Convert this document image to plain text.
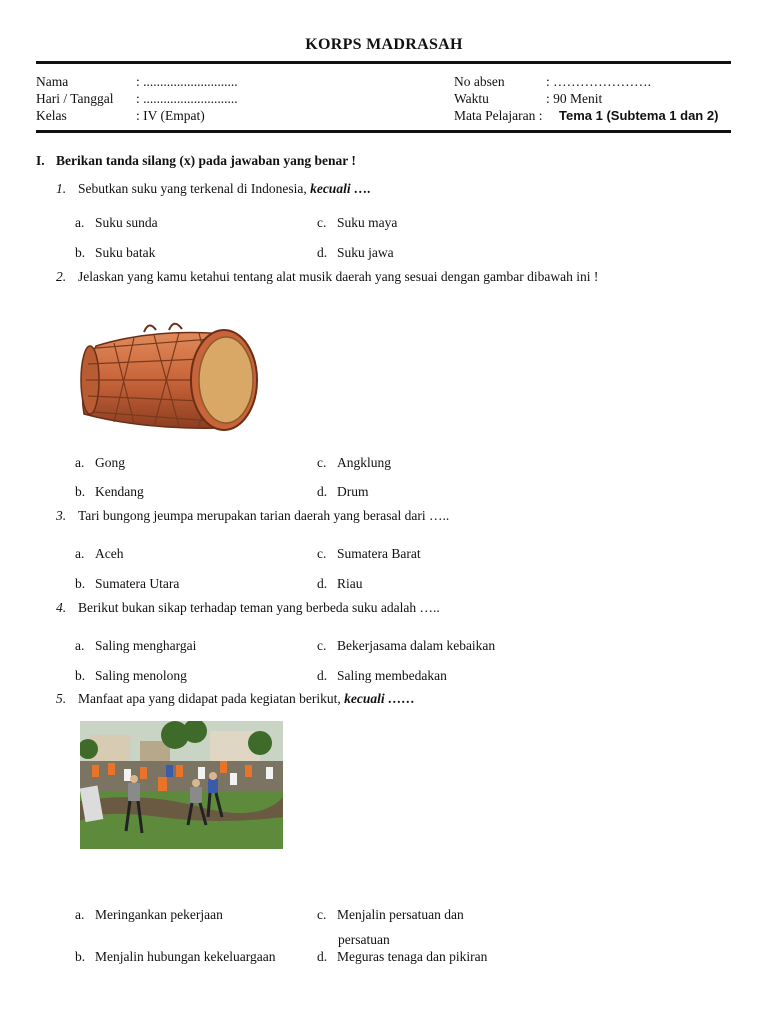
KORPS MADRASAH
Nama	: ............................
Hari / Tanggal : ............................
Kelas	: IV (Empat)
No absen	: ………………….
Waktu	: 90 Menit
Mata Pelajaran : Tema 1 (Subtema 1 dan 2)
I. Berikan tanda silang (x) pada jawaban yang benar !
1. Sebutkan suku yang terkenal di Indonesia, kecuali ….
a. Suku sunda	c. Suku maya
b. Suku batak	d. Suku jawa
2. Jelaskan yang kamu ketahui tentang alat musik daerah yang sesuai dengan gambar dibawah ini !
a. Gong	c. Angklung
b. Kendang	d. Drum
3. Tari bungong jeumpa merupakan tarian daerah yang berasal dari …..
a. Aceh	c. Sumatera Barat
b. Sumatera Utara	d. Riau
4. Berikut bukan sikap terhadap teman yang berbeda suku adalah …..
a. Saling menghargai	c. Bekerjasama dalam kebaikan
b. Saling menolong	d. Saling membedakan
5. Manfaat apa yang didapat pada kegiatan berikut, kecuali ……
a. Meringankan pekerjaan	c. Menjalin persatuan dan
persatuan
b. Menjalin hubungan kekeluargaan	d. Meguras tenaga dan pikiran
